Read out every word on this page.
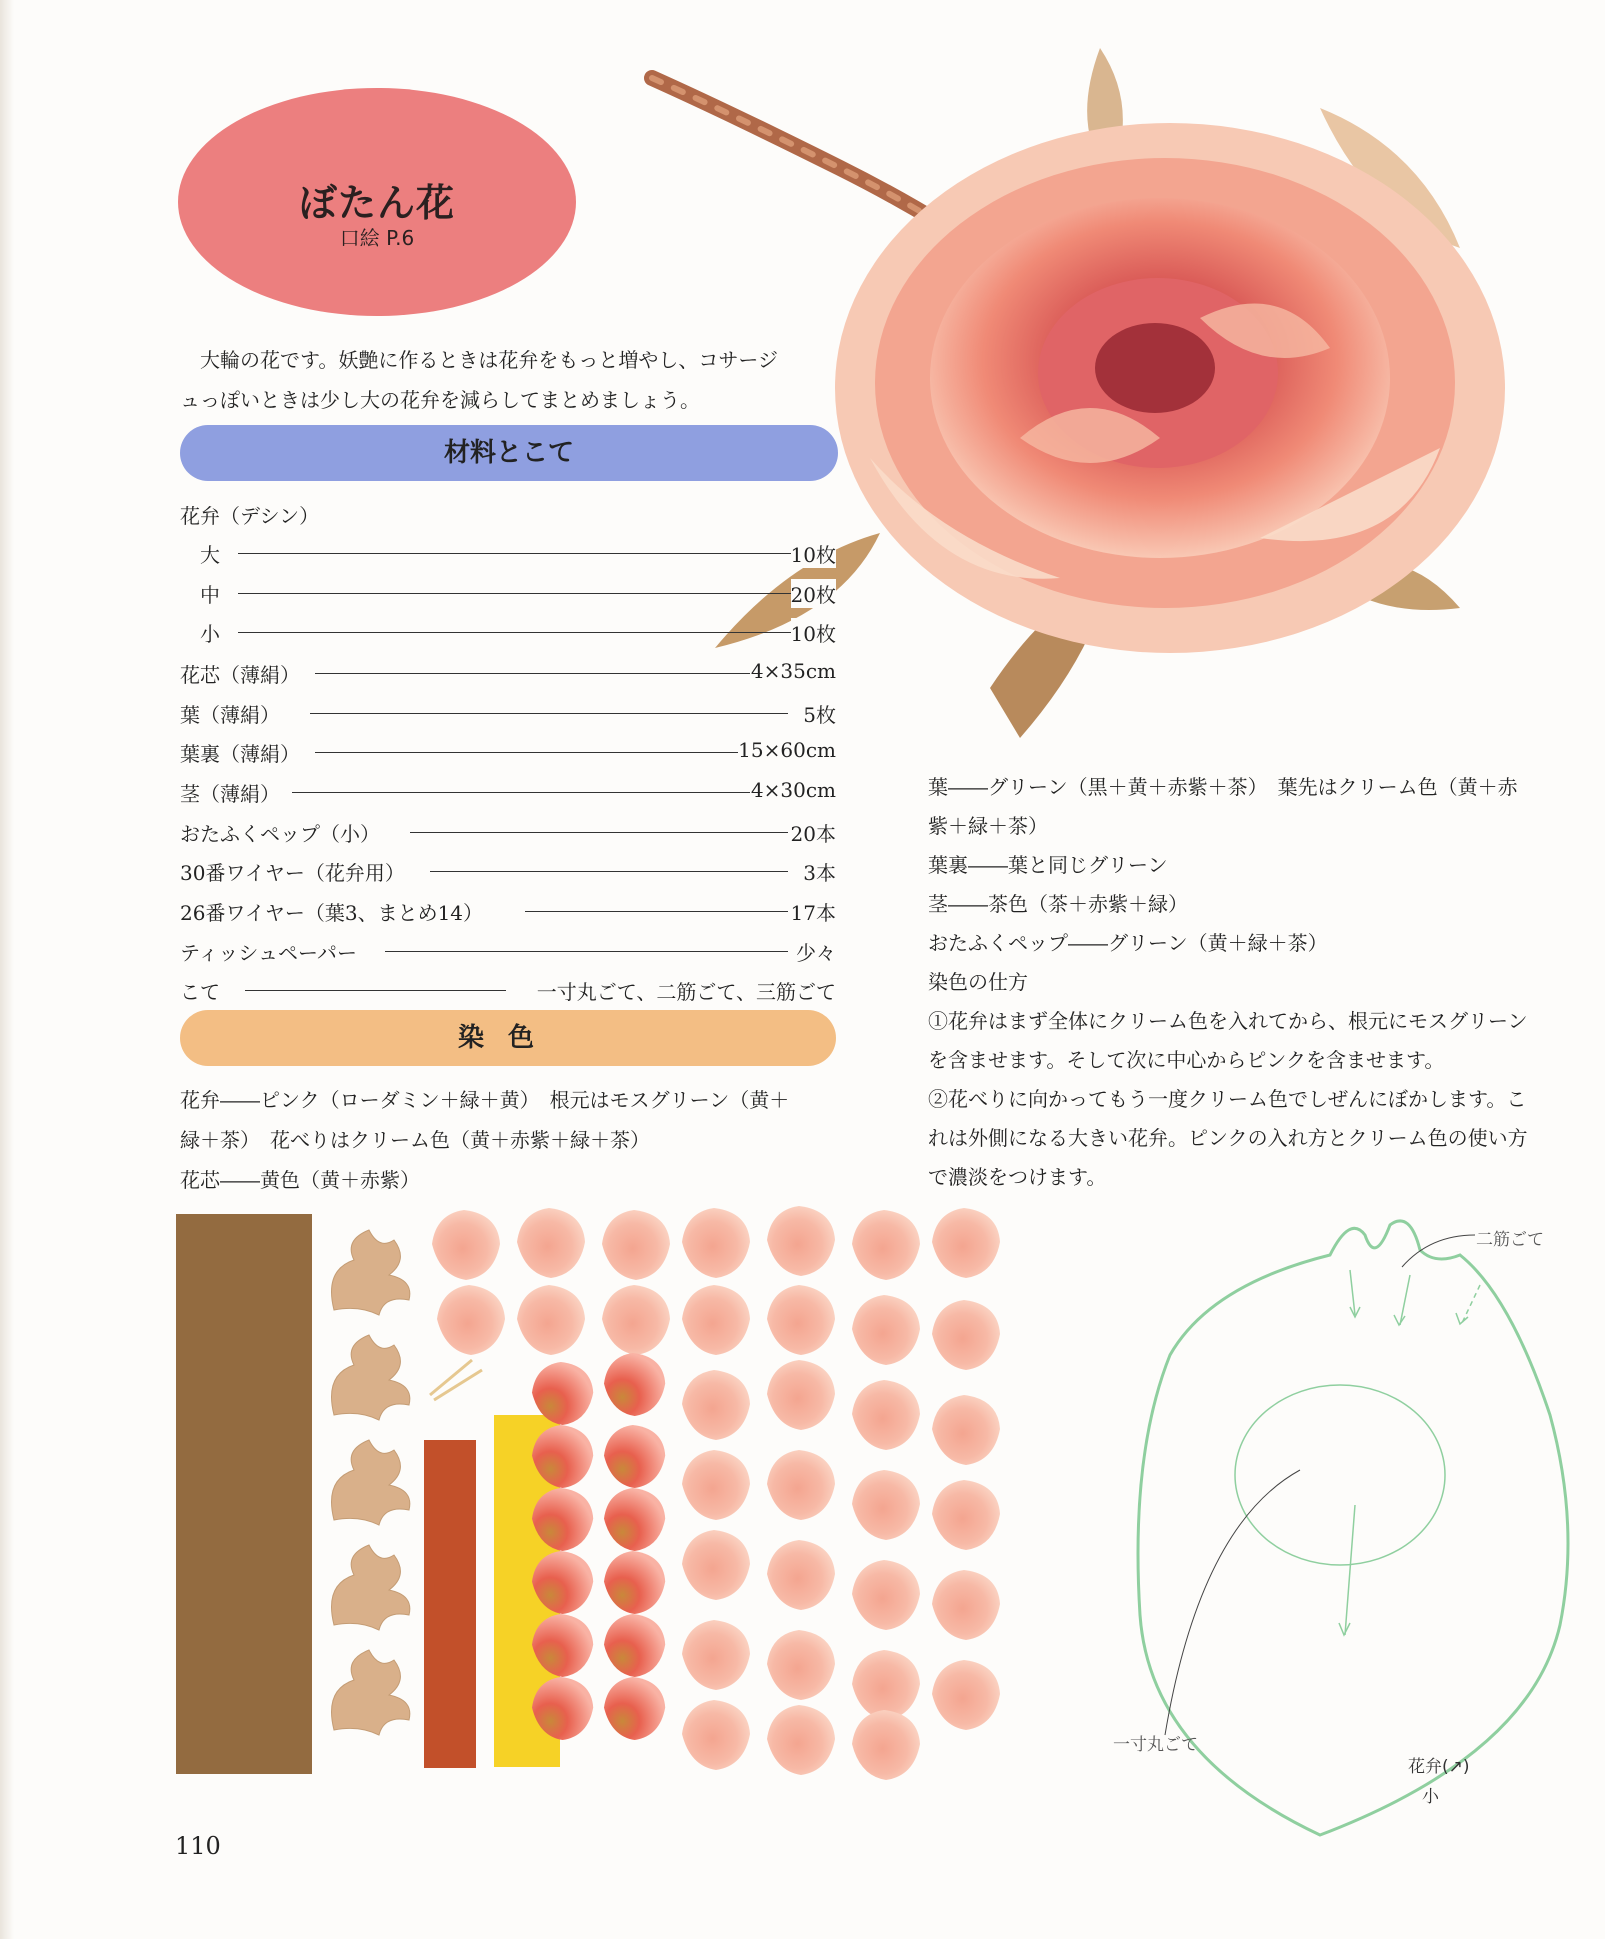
ぼたん花
口絵 P.6

大輪の花です。妖艶に作るときは花弁をもっと増やし、コサージ

ュっぽいときは少し大の花弁を減らしてまとめましょう。

材料とこて
花弁（デシン）
大	10枚
中	20枚
小	10枚
花芯（薄絹）	4×35cm
葉（薄絹）	5枚
葉裏（薄絹）	15×60cm
茎（薄絹）	4×30cm
おたふくペップ（小）	20本
30番ワイヤー（花弁用）	3本
26番ワイヤー（葉3、まとめ14）	17本
ティッシュペーパー	少々
こて	一寸丸ごて、二筋ごて、三筋ごて
染色

花弁――ピンク（ローダミン＋緑＋黄）　根元はモスグリーン（黄＋

緑＋茶）　花べりはクリーム色（黄＋赤紫＋緑＋茶）

花芯――黄色（黄＋赤紫）

葉――グリーン（黒＋黄＋赤紫＋茶）　葉先はクリーム色（黄＋赤

紫＋緑＋茶）

葉裏――葉と同じグリーン

茎――茶色（茶＋赤紫＋緑）

おたふくペップ――グリーン（黄＋緑＋茶）

染色の仕方

①花弁はまず全体にクリーム色を入れてから、根元にモスグリーン

を含ませます。そして次に中心からピンクを含ませます。

②花べりに向かってもう一度クリーム色でしぜんにぼかします。こ

れは外側になる大きい花弁。ピンクの入れ方とクリーム色の使い方

で濃淡をつけます。

二筋ごて
一寸丸ごて
花弁(↗)
小
110
